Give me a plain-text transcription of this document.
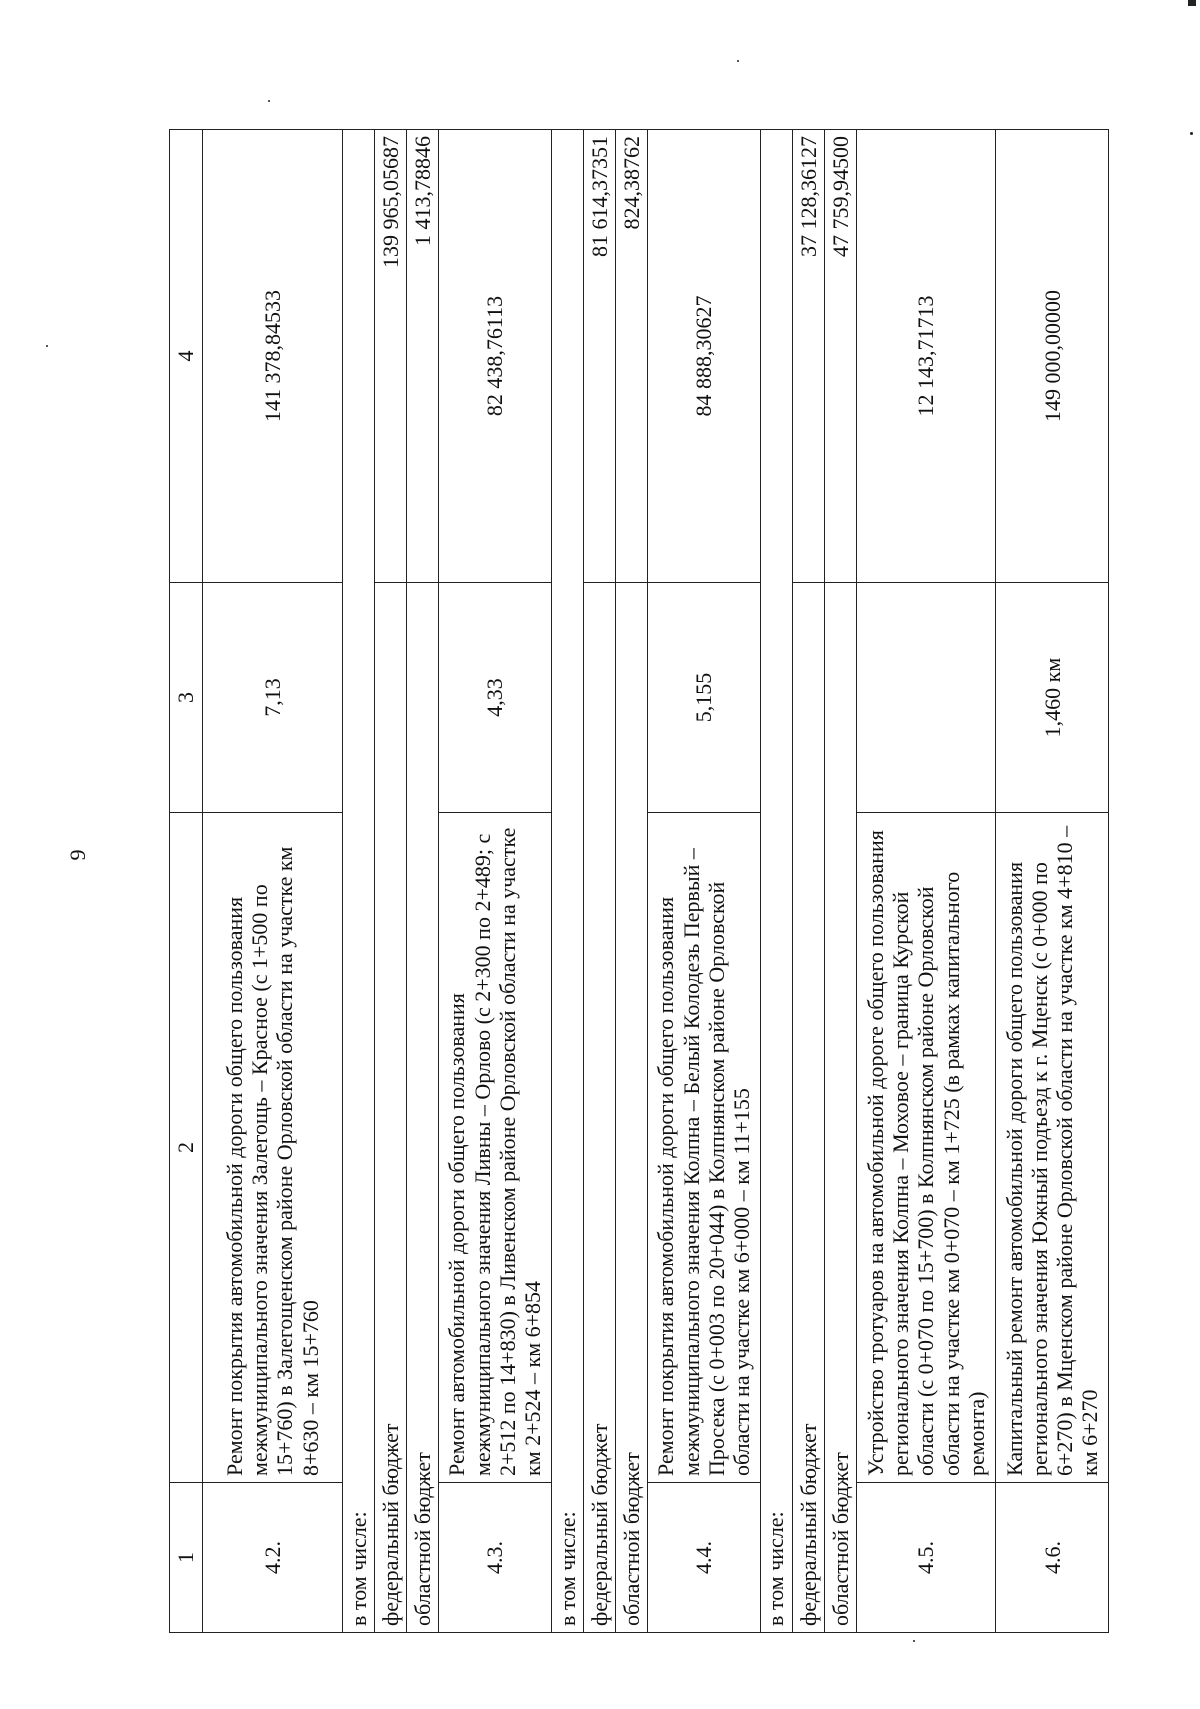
9
1	2	3	4
4.2.	Ремонт покрытия автомобильной дороги общего пользования межмуниципального значения Залегощь – Красное (с 1+500 по 15+760) в Залегощенском районе Орловской области на участке км 8+630 – км 15+760	7,13	141 378,84533
в том числе:			
федеральный бюджет			139 965,05687
областной бюджет			1 413,78846
4.3.	Ремонт автомобильной дороги общего пользования межмуниципального значения Ливны – Орлово (с 2+300 по 2+489; с 2+512 по 14+830) в Ливенском районе Орловской области на участке км 2+524 – км 6+854	4,33	82 438,76113
в том числе:			
федеральный бюджет			81 614,37351
областной бюджет			824,38762
4.4.	Ремонт покрытия автомобильной дороги общего пользования межмуниципального значения Колпна – Белый Колодезь Первый – Просека (с 0+003 по 20+044) в Колпнянском районе Орловской области на участке км 6+000 – км 11+155	5,155	84 888,30627
в том числе:			
федеральный бюджет			37 128,36127
областной бюджет			47 759,94500
4.5.	Устройство тротуаров на автомобильной дороге общего пользования регионального значения Колпна – Моховое – граница Курской области (с 0+070 по 15+700) в Колпнянском районе Орловской области на участке км 0+070 – км 1+725 (в рамках капитального ремонта)		12 143,71713
4.6.	Капитальный ремонт автомобильной дороги общего пользования регионального значения Южный подъезд к г. Мценск (с 0+000 по 6+270) в Мценском районе Орловской области на участке км 4+810 – км 6+270	1,460 км	149 000,00000
